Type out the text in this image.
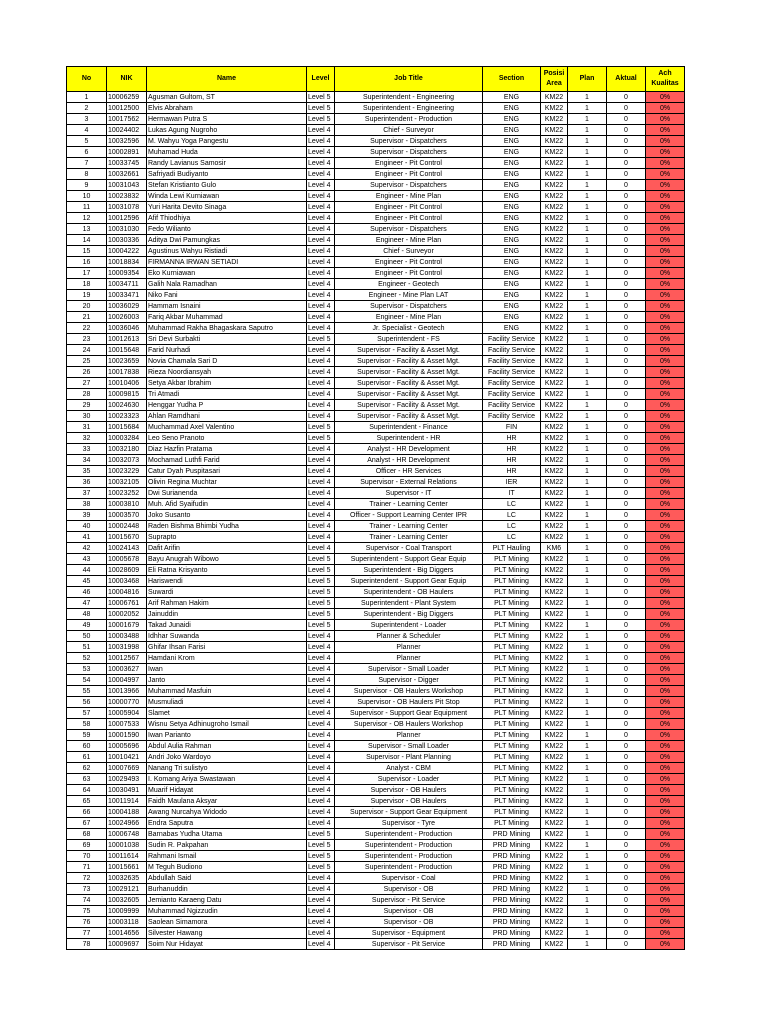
No	NIK	Name	Level	Job Title	Section	Posisi Area	Plan	Aktual	Ach Kualitas
1	10006259	Agusman Gultom, ST	Level 5	Superintendent - Engineering	ENG	KM22	1	0	0%
2	10012500	Elvis Abraham	Level 5	Superintendent - Engineering	ENG	KM22	1	0	0%
3	10017562	Hermawan Putra S	Level 5	Superintendent - Production	ENG	KM22	1	0	0%
4	10024402	Lukas Agung Nugroho	Level 4	Chief - Surveyor	ENG	KM22	1	0	0%
5	10032596	M. Wahyu Yoga Pangestu	Level 4	Supervisor - Dispatchers	ENG	KM22	1	0	0%
6	10002891	Muhamad Huda	Level 4	Supervisor - Dispatchers	ENG	KM22	1	0	0%
7	10033745	Randy Lavianus Samosir	Level 4	Engineer - Pit Control	ENG	KM22	1	0	0%
8	10032661	Safriyadi Budiyanto	Level 4	Engineer - Pit Control	ENG	KM22	1	0	0%
9	10031043	Stefan Kristianto Gulo	Level 4	Supervisor - Dispatchers	ENG	KM22	1	0	0%
10	10023832	Winda Lewi Kurniawan	Level 4	Engineer - Mine Plan	ENG	KM22	1	0	0%
11	10031078	Yuri Harita Devito Sinaga	Level 4	Engineer - Pit Control	ENG	KM22	1	0	0%
12	10012596	Afif Thiodhiya	Level 4	Engineer - Pit Control	ENG	KM22	1	0	0%
13	10031030	Fedo Wilianto	Level 4	Supervisor - Dispatchers	ENG	KM22	1	0	0%
14	10030336	Aditya Dwi Pamungkas	Level 4	Engineer - Mine Plan	ENG	KM22	1	0	0%
15	10004222	Agustinus Wahyu Ristiadi	Level 4	Chief - Surveyor	ENG	KM22	1	0	0%
16	10018834	FIRMANNA IRWAN SETIADI	Level 4	Engineer - Pit Control	ENG	KM22	1	0	0%
17	10009354	Eko Kurniawan	Level 4	Engineer - Pit Control	ENG	KM22	1	0	0%
18	10034711	Galih Nala Ramadhan	Level 4	Engineer - Geotech	ENG	KM22	1	0	0%
19	10033471	Niko Fani	Level 4	Engineer - Mine Plan LAT	ENG	KM22	1	0	0%
20	10036029	Hammam Isnaini	Level 4	Supervisor - Dispatchers	ENG	KM22	1	0	0%
21	10026003	Fariq Akbar Muhammad	Level 4	Engineer - Mine Plan	ENG	KM22	1	0	0%
22	10036046	Muhammad Rakha Bhagaskara Saputro	Level 4	Jr. Specialist - Geotech	ENG	KM22	1	0	0%
23	10012613	Sri Devi Surbakti	Level 5	Superintendent - FS	Facility Service	KM22	1	0	0%
24	10015648	Farid Nurhadi	Level 4	Supervisor - Facility & Asset Mgt.	Facility Service	KM22	1	0	0%
25	10023659	Novia Chamala Sari D	Level 4	Supervisor - Facility & Asset Mgt.	Facility Service	KM22	1	0	0%
26	10017838	Rieza Noordiansyah	Level 4	Supervisor - Facility & Asset Mgt.	Facility Service	KM22	1	0	0%
27	10010406	Setya Akbar Ibrahim	Level 4	Supervisor - Facility & Asset Mgt.	Facility Service	KM22	1	0	0%
28	10009815	Tri Atmadi	Level 4	Supervisor - Facility & Asset Mgt.	Facility Service	KM22	1	0	0%
29	10024630	Henggar Yudha P	Level 4	Supervisor - Facility & Asset Mgt.	Facility Service	KM22	1	0	0%
30	10023323	Ahlan Ramdhani	Level 4	Supervisor - Facility & Asset Mgt.	Facility Service	KM22	1	0	0%
31	10015684	Muchammad Axel Valentino	Level 5	Superintendent - Finance	FIN	KM22	1	0	0%
32	10003284	Leo Seno Pranoto	Level 5	Superintendent - HR	HR	KM22	1	0	0%
33	10032180	Diaz Hazfin Pratama	Level 4	Analyst - HR Development	HR	KM22	1	0	0%
34	10032073	Mochamad Luthfi Farid	Level 4	Analyst - HR Development	HR	KM22	1	0	0%
35	10023229	Catur Dyah Puspitasari	Level 4	Officer - HR Services	HR	KM22	1	0	0%
36	10032105	Olivin Regina Muchtar	Level 4	Supervisor - External Relations	IER	KM22	1	0	0%
37	10023252	Dwi Surianenda	Level 4	Supervisor - IT	IT	KM22	1	0	0%
38	10003810	Muh. Afid Syaifudin	Level 4	Trainer - Learning Center	LC	KM22	1	0	0%
39	10003570	Joko Susanto	Level 4	Officer - Support Learning Center IPR	LC	KM22	1	0	0%
40	10002448	Raden Bishma Bhimbi Yudha	Level 4	Trainer - Learning Center	LC	KM22	1	0	0%
41	10015670	Suprapto	Level 4	Trainer - Learning Center	LC	KM22	1	0	0%
42	10024143	Dafit Arifin	Level 4	Supervisor - Coal Transport	PLT Hauling	KM6	1	0	0%
43	10005678	Bayu Anugrah Wibowo	Level 5	Superintendent - Support Gear Equip	PLT Mining	KM22	1	0	0%
44	10028609	Eli Ratna Krisyanto	Level 5	Superintendent - Big Diggers	PLT Mining	KM22	1	0	0%
45	10003468	Hariswendi	Level 5	Superintendent - Support Gear Equip	PLT Mining	KM22	1	0	0%
46	10004816	Suwardi	Level 5	Superintendent - OB Haulers	PLT Mining	KM22	1	0	0%
47	10006761	Arif Rahman Hakim	Level 5	Superintendent - Plant System	PLT Mining	KM22	1	0	0%
48	10002052	Jainuddin	Level 5	Superintendent - Big Diggers	PLT Mining	KM22	1	0	0%
49	10001679	Takad Junaidi	Level 5	Superintendent - Loader	PLT Mining	KM22	1	0	0%
50	10003488	Idhhar Suwanda	Level 4	Planner & Scheduler	PLT Mining	KM22	1	0	0%
51	10031998	Ghifar Ihsan Farisi	Level 4	Planner	PLT Mining	KM22	1	0	0%
52	10012567	Hamdani Krom	Level 4	Planner	PLT Mining	KM22	1	0	0%
53	10003627	Iwan	Level 4	Supervisor - Small Loader	PLT Mining	KM22	1	0	0%
54	10004997	Janto	Level 4	Supervisor - Digger	PLT Mining	KM22	1	0	0%
55	10013966	Muhammad Masfuin	Level 4	Supervisor - OB Haulers Workshop	PLT Mining	KM22	1	0	0%
56	10000770	Musmuliadi	Level 4	Supervisor - OB Haulers Pit Stop	PLT Mining	KM22	1	0	0%
57	10005904	Slamet	Level 4	Supervisor - Support Gear Equipment	PLT Mining	KM22	1	0	0%
58	10007533	Wisnu Setya Adhinugroho Ismail	Level 4	Supervisor - OB Haulers Workshop	PLT Mining	KM22	1	0	0%
59	10001590	Iwan Parianto	Level 4	Planner	PLT Mining	KM22	1	0	0%
60	10005696	Abdul Aulia Rahman	Level 4	Supervisor - Small Loader	PLT Mining	KM22	1	0	0%
61	10010421	Andri Joko Wardoyo	Level 4	Supervisor - Plant Planning	PLT Mining	KM22	1	0	0%
62	10007669	Nanang Tri sulistyo	Level 4	Analyst - CBM	PLT Mining	KM22	1	0	0%
63	10029493	I. Komang Ariya Swastawan	Level 4	Supervisor - Loader	PLT Mining	KM22	1	0	0%
64	10030491	Muarif Hidayat	Level 4	Supervisor - OB Haulers	PLT Mining	KM22	1	0	0%
65	10011914	Faidh Maulana Aksyar	Level 4	Supervisor - OB Haulers	PLT Mining	KM22	1	0	0%
66	10004188	Awang Nurcahya Widodo	Level 4	Supervisor - Support Gear Equipment	PLT Mining	KM22	1	0	0%
67	10024966	Endra Saputra	Level 4	Supervisor - Tyre	PLT Mining	KM22	1	0	0%
68	10006748	Barnabas Yudha Utama	Level 5	Superintendent - Production	PRD Mining	KM22	1	0	0%
69	10001038	Sudin R. Pakpahan	Level 5	Superintendent - Production	PRD Mining	KM22	1	0	0%
70	10011614	Rahmani Ismail	Level 5	Superintendent - Production	PRD Mining	KM22	1	0	0%
71	10015661	M Teguh Budiono	Level 5	Superintendent - Production	PRD Mining	KM22	1	0	0%
72	10032635	Abdullah Said	Level 4	Supervisor - Coal	PRD Mining	KM22	1	0	0%
73	10029121	Burhanuddin	Level 4	Supervisor - OB	PRD Mining	KM22	1	0	0%
74	10032605	Jemianto Karaeng Datu	Level 4	Supervisor - Pit Service	PRD Mining	KM22	1	0	0%
75	10009999	Muhammad Ngizzudin	Level 4	Supervisor - OB	PRD Mining	KM22	1	0	0%
76	10003118	Saolean Simamora	Level 4	Supervisor - OB	PRD Mining	KM22	1	0	0%
77	10014656	Silvester Hawang	Level 4	Supervisor - Equipment	PRD Mining	KM22	1	0	0%
78	10009697	Soim Nur Hidayat	Level 4	Supervisor - Pit Service	PRD Mining	KM22	1	0	0%
